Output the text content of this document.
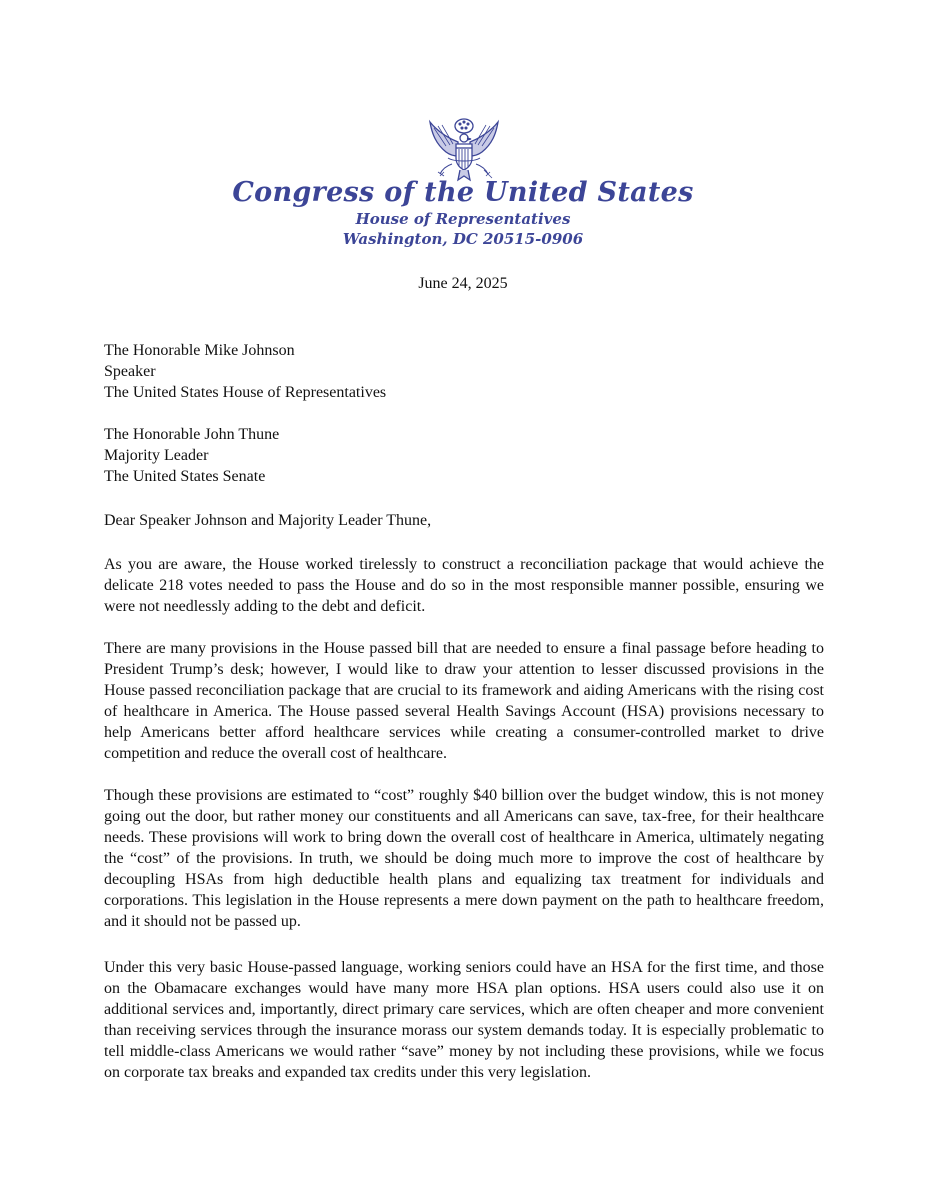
Congress of the United States
House of Representatives
Washington, DC 20515-0906
June 24, 2025
The Honorable Mike Johnson
Speaker
The United States House of Representatives
The Honorable John Thune
Majority Leader
The United States Senate
Dear Speaker Johnson and Majority Leader Thune,

As you are aware, the House worked tirelessly to construct a reconciliation package that would achieve the delicate 218 votes needed to pass the House and do so in the most responsible manner possible, ensuring we were not needlessly adding to the debt and deficit.

There are many provisions in the House passed bill that are needed to ensure a final passage before heading to President Trump’s desk; however, I would like to draw your attention to lesser discussed provisions in the House passed reconciliation package that are crucial to its framework and aiding Americans with the rising cost of healthcare in America. The House passed several Health Savings Account (HSA) provisions necessary to help Americans better afford healthcare services while creating a consumer-controlled market to drive competition and reduce the overall cost of healthcare.

Though these provisions are estimated to “cost” roughly $40 billion over the budget window, this is not money going out the door, but rather money our constituents and all Americans can save, tax-free, for their healthcare needs. These provisions will work to bring down the overall cost of healthcare in America, ultimately negating the “cost” of the provisions. In truth, we should be doing much more to improve the cost of healthcare by decoupling HSAs from high deductible health plans and equalizing tax treatment for individuals and corporations. This legislation in the House represents a mere down payment on the path to healthcare freedom, and it should not be passed up.

Under this very basic House-passed language, working seniors could have an HSA for the first time, and those on the Obamacare exchanges would have many more HSA plan options. HSA users could also use it on additional services and, importantly, direct primary care services, which are often cheaper and more convenient than receiving services through the insurance morass our system demands today. It is especially problematic to tell middle-class Americans we would rather “save” money by not including these provisions, while we focus on corporate tax breaks and expanded tax credits under this very legislation.
